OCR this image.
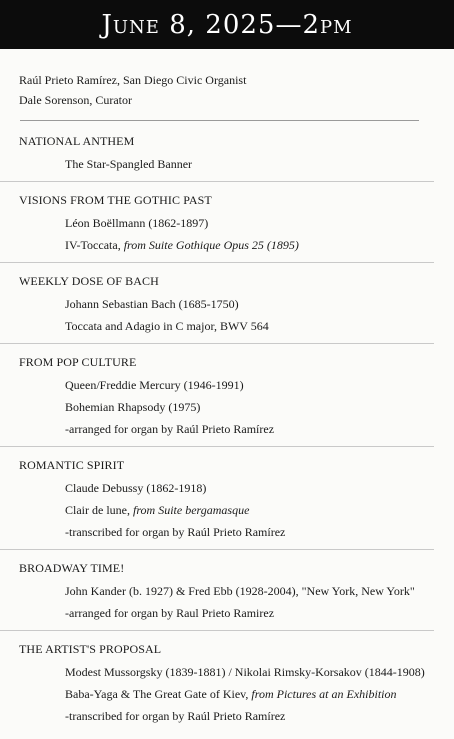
June 8, 2025—2pm
Raúl Prieto Ramírez, San Diego Civic Organist
Dale Sorenson, Curator
NATIONAL ANTHEM
The Star-Spangled Banner
VISIONS FROM THE GOTHIC PAST
Léon Boëllmann (1862-1897)
IV-Toccata, from Suite Gothique Opus 25 (1895)
WEEKLY DOSE OF BACH
Johann Sebastian Bach (1685-1750)
Toccata and Adagio in C major, BWV 564
FROM POP CULTURE
Queen/Freddie Mercury (1946-1991)
Bohemian Rhapsody (1975)
-arranged for organ by Raúl Prieto Ramírez
ROMANTIC SPIRIT
Claude Debussy (1862-1918)
Clair de lune, from Suite bergamasque
-transcribed for organ by Raúl Prieto Ramírez
BROADWAY TIME!
John Kander (b. 1927) & Fred Ebb (1928-2004), "New York, New York"
-arranged for organ by Raul Prieto Ramirez
THE ARTIST'S PROPOSAL
Modest Mussorgsky (1839-1881) / Nikolai Rimsky-Korsakov (1844-1908)
Baba-Yaga & The Great Gate of Kiev, from Pictures at an Exhibition
-transcribed for organ by Raúl Prieto Ramírez
